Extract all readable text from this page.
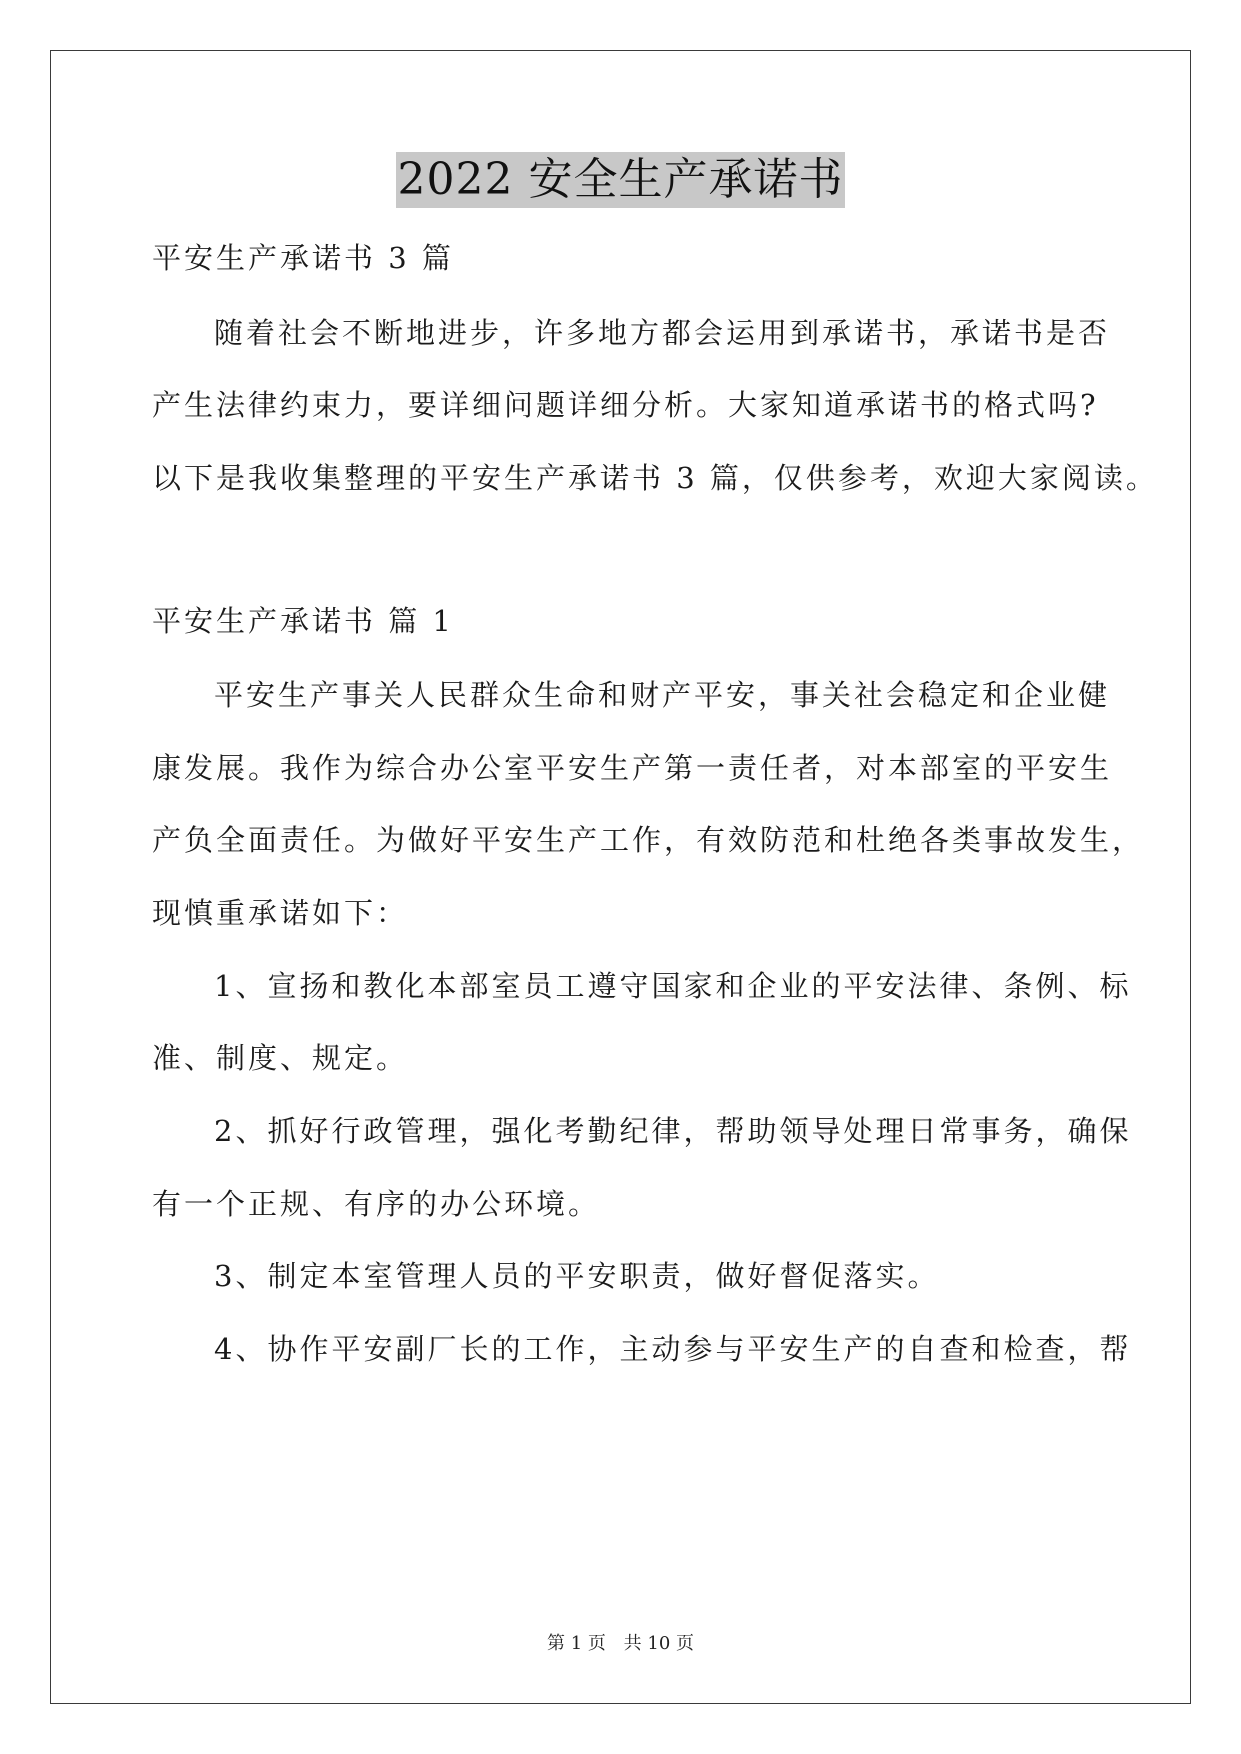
2022 安全生产承诺书
平安生产承诺书 3 篇
随着社会不断地进步，许多地方都会运用到承诺书，承诺书是否
产生法律约束力，要详细问题详细分析。大家知道承诺书的格式吗?
以下是我收集整理的平安生产承诺书 3 篇，仅供参考，欢迎大家阅读。
平安生产承诺书 篇 1
平安生产事关人民群众生命和财产平安，事关社会稳定和企业健
康发展。我作为综合办公室平安生产第一责任者，对本部室的平安生
产负全面责任。为做好平安生产工作，有效防范和杜绝各类事故发生，
现慎重承诺如下：
1、宣扬和教化本部室员工遵守国家和企业的平安法律、条例、标
准、制度、规定。
2、抓好行政管理，强化考勤纪律，帮助领导处理日常事务，确保
有一个正规、有序的办公环境。
3、制定本室管理人员的平安职责，做好督促落实。
4、协作平安副厂长的工作，主动参与平安生产的自查和检查，帮
第 1 页 共 10 页
